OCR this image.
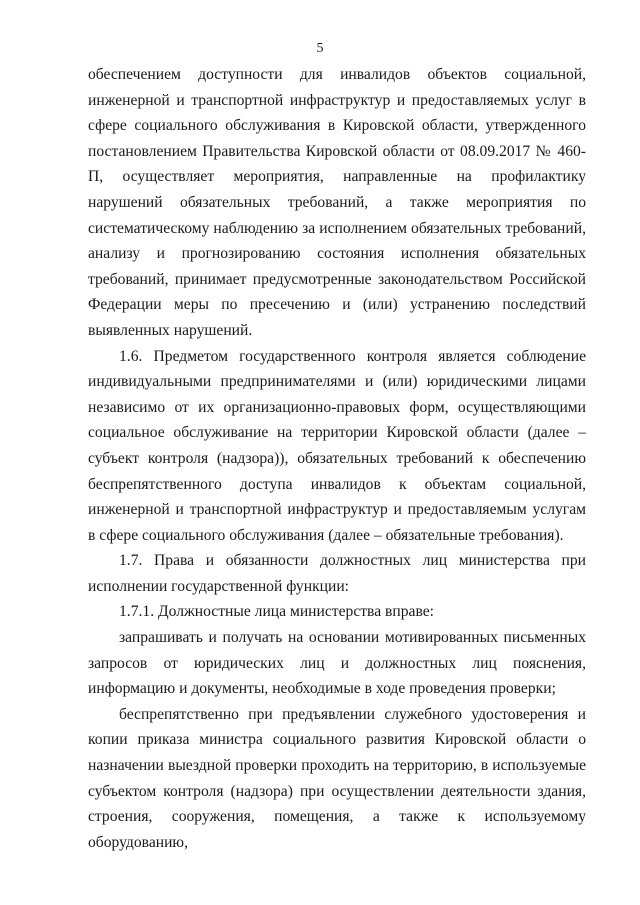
5

обеспечением доступности для инвалидов объектов социальной, инженерной и транспортной инфраструктур и предоставляемых услуг в сфере социального обслуживания в Кировской области, утвержденного постановлением Правительства Кировской области от 08.09.2017 № 460-П, осуществляет мероприятия, направленные на профилактику нарушений обязательных требований, а также мероприятия по систематическому наблюдению за исполнением обязательных требований, анализу и прогнозированию состояния исполнения обязательных требований, принимает предусмотренные законодательством Российской Федерации меры по пресечению и (или) устранению последствий выявленных нарушений.

1.6. Предметом государственного контроля является соблюдение индивидуальными предпринимателями и (или) юридическими лицами независимо от их организационно-правовых форм, осуществляющими социальное обслуживание на территории Кировской области (далее – субъект контроля (надзора)), обязательных требований к обеспечению беспрепятственного доступа инвалидов к объектам социальной, инженерной и транспортной инфраструктур и предоставляемым услугам в сфере социального обслуживания (далее – обязательные требования).

1.7. Права и обязанности должностных лиц министерства при исполнении государственной функции:

1.7.1. Должностные лица министерства вправе:

запрашивать и получать на основании мотивированных письменных запросов от юридических лиц и должностных лиц пояснения, информацию и документы, необходимые в ходе проведения проверки;

беспрепятственно при предъявлении служебного удостоверения и копии приказа министра социального развития Кировской области о назначении выездной проверки проходить на территорию, в используемые субъектом контроля (надзора) при осуществлении деятельности здания, строения, сооружения, помещения, а также к используемому оборудованию,
